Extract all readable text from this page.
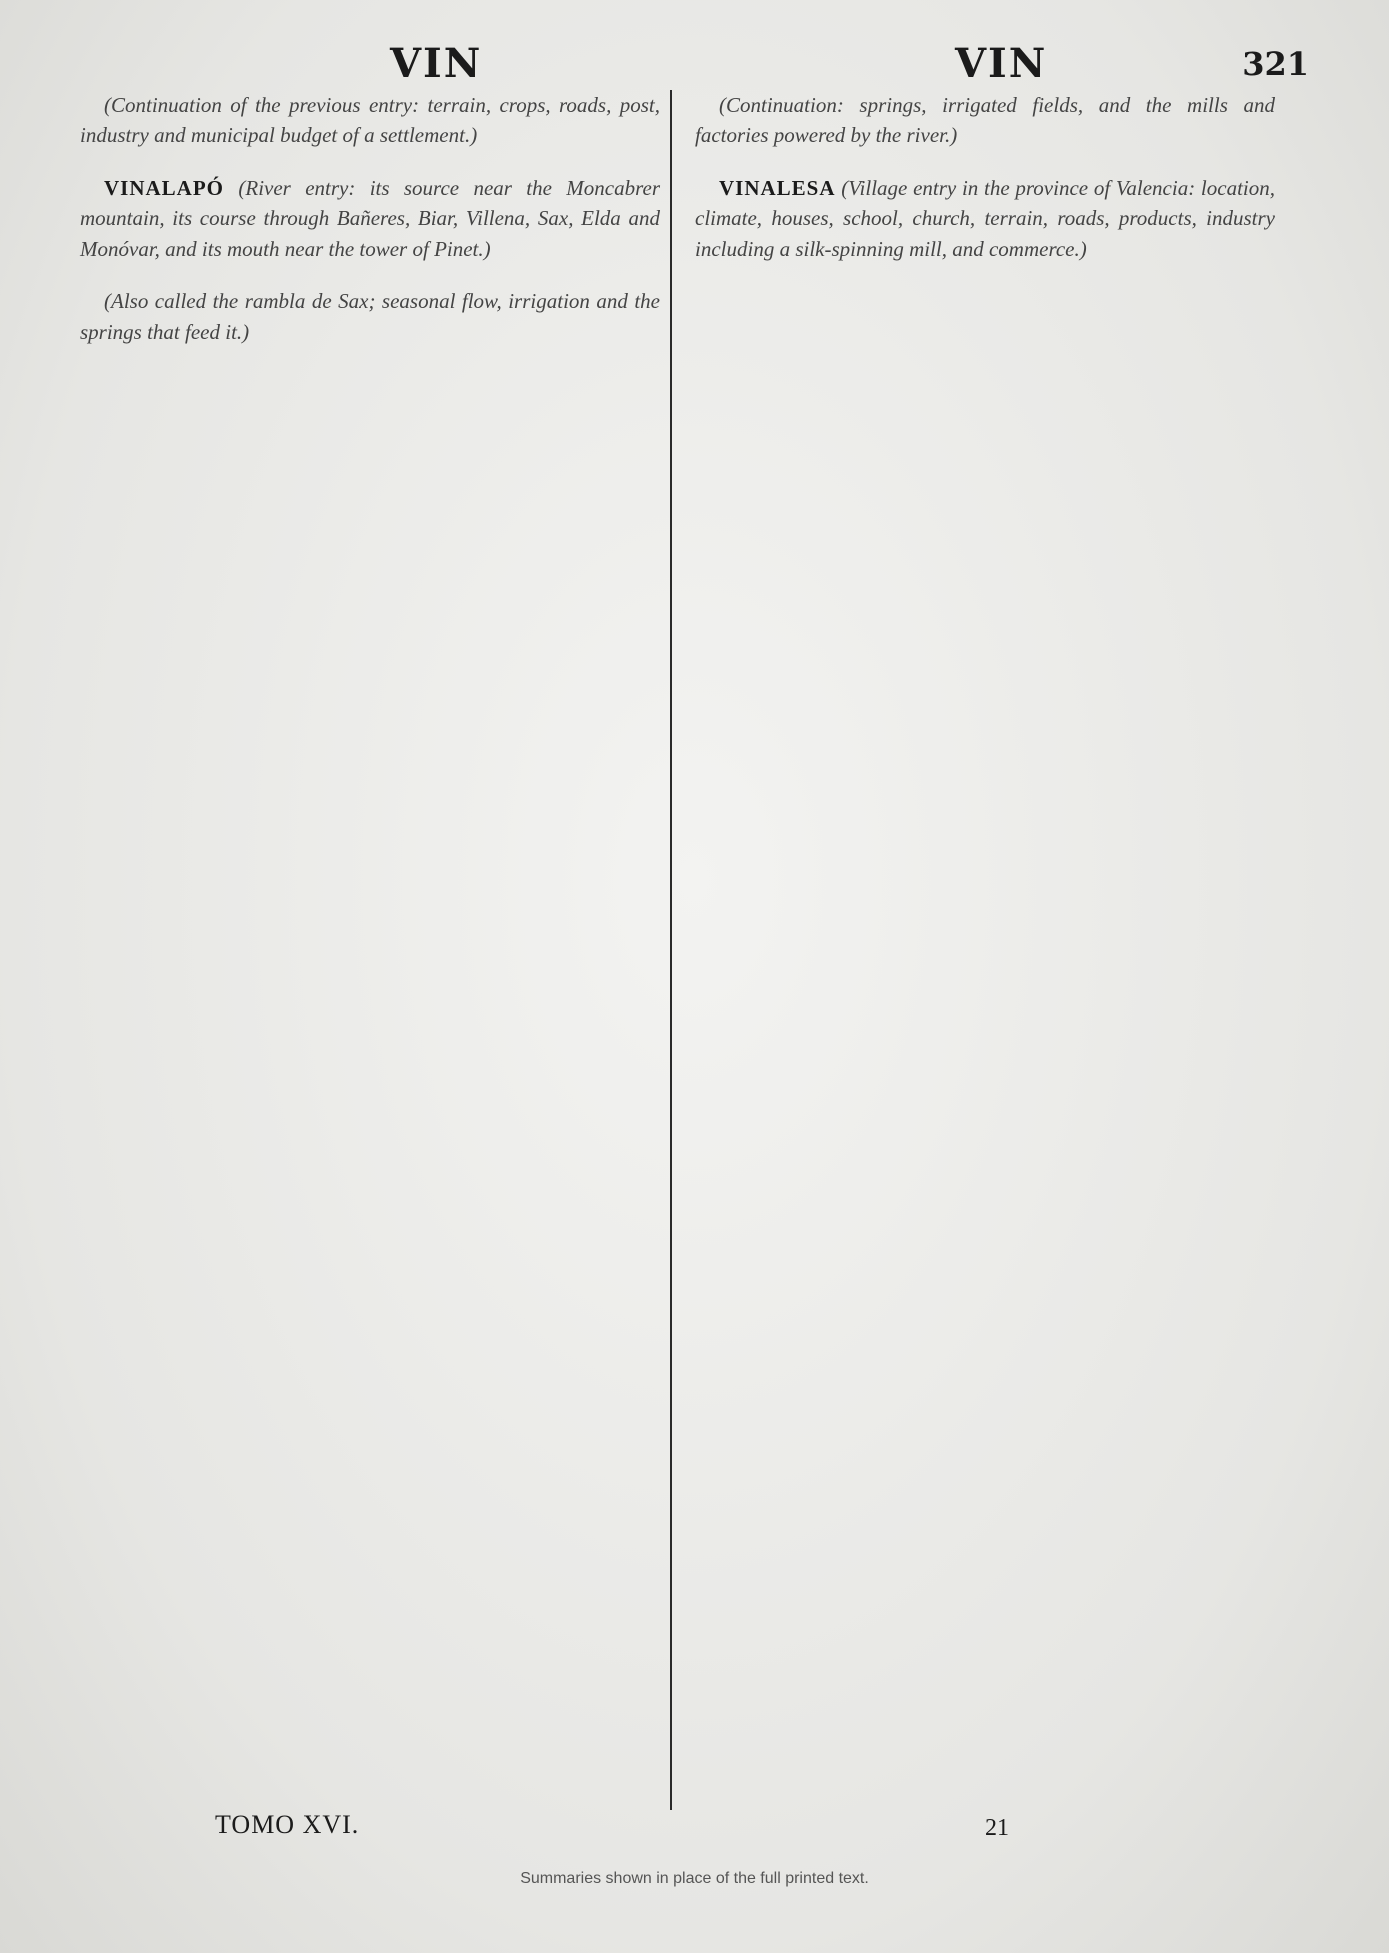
VIN	VIN	321

(Continuation of the previous entry: terrain, crops, roads, post, industry and municipal budget of a settlement.)

VINALAPÓ (River entry: its source near the Moncabrer mountain, its course through Bañeres, Biar, Villena, Sax, Elda and Monóvar, and its mouth near the tower of Pinet.)

(Also called the rambla de Sax; seasonal flow, irrigation and the springs that feed it.)

(Continuation: springs, irrigated fields, and the mills and factories powered by the river.)

VINALESA (Village entry in the province of Valencia: location, climate, houses, school, church, terrain, roads, products, industry including a silk-spinning mill, and commerce.)

TOMO XVI.	21
Summaries shown in place of the full printed text.
